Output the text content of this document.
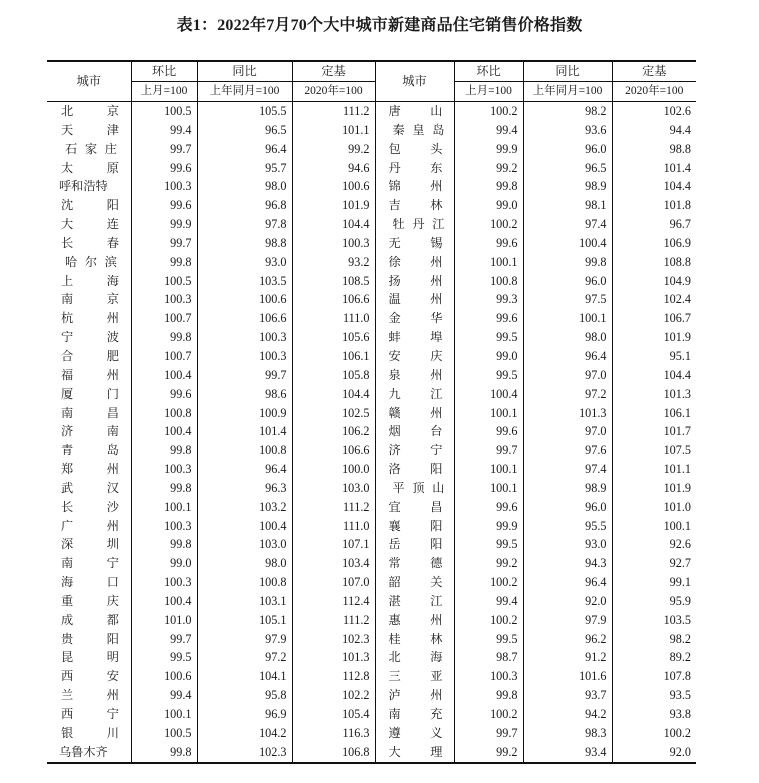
表1：2022年7月70个大中城市新建商品住宅销售价格指数
城市	环比	同比	定基	城市	环比	同比	定基
	上月=100	上年同月=100	2020年=100		上月=100	上年同月=100	2020年=100
北京	100.5	105.5	111.2	唐山	100.2	98.2	102.6
天津	99.4	96.5	101.1	秦皇岛	99.4	93.6	94.4
石家庄	99.7	96.4	99.2	包头	99.9	96.0	98.8
太原	99.6	95.7	94.6	丹东	99.2	96.5	101.4
呼和浩特	100.3	98.0	100.6	锦州	99.8	98.9	104.4
沈阳	99.6	96.8	101.9	吉林	99.0	98.1	101.8
大连	99.9	97.8	104.4	牡丹江	100.2	97.4	96.7
长春	99.7	98.8	100.3	无锡	99.6	100.4	106.9
哈尔滨	99.8	93.0	93.2	徐州	100.1	99.8	108.8
上海	100.5	103.5	108.5	扬州	100.8	96.0	104.9
南京	100.3	100.6	106.6	温州	99.3	97.5	102.4
杭州	100.7	106.6	111.0	金华	99.6	100.1	106.7
宁波	99.8	100.3	105.6	蚌埠	99.5	98.0	101.9
合肥	100.7	100.3	106.1	安庆	99.0	96.4	95.1
福州	100.4	99.7	105.8	泉州	99.5	97.0	104.4
厦门	99.6	98.6	104.4	九江	100.4	97.2	101.3
南昌	100.8	100.9	102.5	赣州	100.1	101.3	106.1
济南	100.4	101.4	106.2	烟台	99.6	97.0	101.7
青岛	99.8	100.8	106.6	济宁	99.7	97.6	107.5
郑州	100.3	96.4	100.0	洛阳	100.1	97.4	101.1
武汉	99.8	96.3	103.0	平顶山	100.1	98.9	101.9
长沙	100.1	103.2	111.2	宜昌	99.6	96.0	101.0
广州	100.3	100.4	111.0	襄阳	99.9	95.5	100.1
深圳	99.8	103.0	107.1	岳阳	99.5	93.0	92.6
南宁	99.0	98.0	103.4	常德	99.2	94.3	92.7
海口	100.3	100.8	107.0	韶关	100.2	96.4	99.1
重庆	100.4	103.1	112.4	湛江	99.4	92.0	95.9
成都	101.0	105.1	111.2	惠州	100.2	97.9	103.5
贵阳	99.7	97.9	102.3	桂林	99.5	96.2	98.2
昆明	99.5	97.2	101.3	北海	98.7	91.2	89.2
西安	100.6	104.1	112.8	三亚	100.3	101.6	107.8
兰州	99.4	95.8	102.2	泸州	99.8	93.7	93.5
西宁	100.1	96.9	105.4	南充	100.2	94.2	93.8
银川	100.5	104.2	116.3	遵义	99.7	98.3	100.2
乌鲁木齐	99.8	102.3	106.8	大理	99.2	93.4	92.0
